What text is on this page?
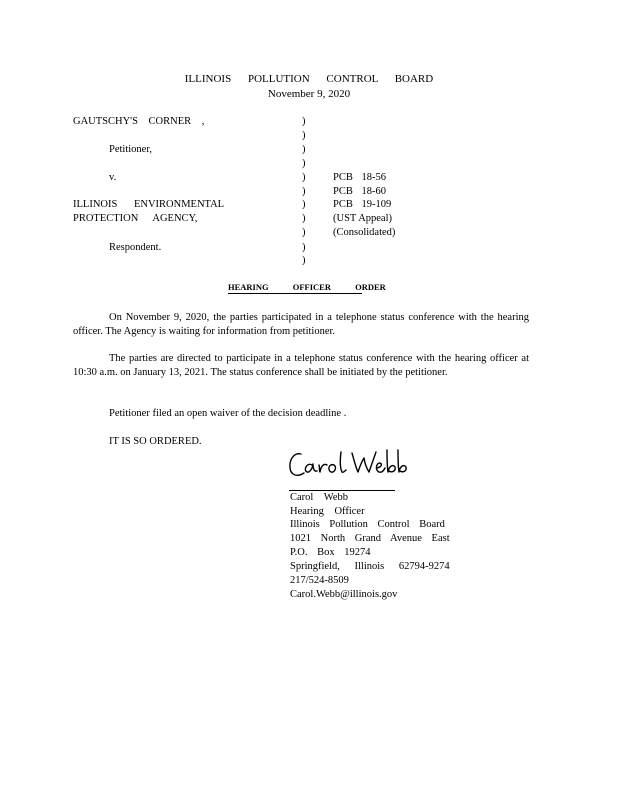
ILLINOIS POLLUTION CONTROL BOARD
November 9, 2020
GAUTSCHY'S CORNER ,
Petitioner,
v.
ILLINOIS ENVIRONMENTAL
PROTECTION AGENCY,
Respondent.
)
)
)
)
)
)
)
)
)
)
)
PCB 18-56
PCB 18-60
PCB 19-109
(UST Appeal)
(Consolidated)
HEARING OFFICER ORDER
On November 9, 2020, the parties participated in a telephone status conference with the hearing officer. The Agency is waiting for information from petitioner.
The parties are directed to participate in a telephone status conference with the hearing officer at 10:30 a.m. on January 13, 2021. The status conference shall be initiated by the petitioner.
Petitioner filed an open waiver of the decision deadline .
IT IS SO ORDERED.
Carol Webb
Hearing Officer
Illinois Pollution Control Board
1021 North Grand Avenue East
P.O. Box 19274
Springfield, Illinois 62794-9274
217/524-8509
Carol.Webb@illinois.gov
